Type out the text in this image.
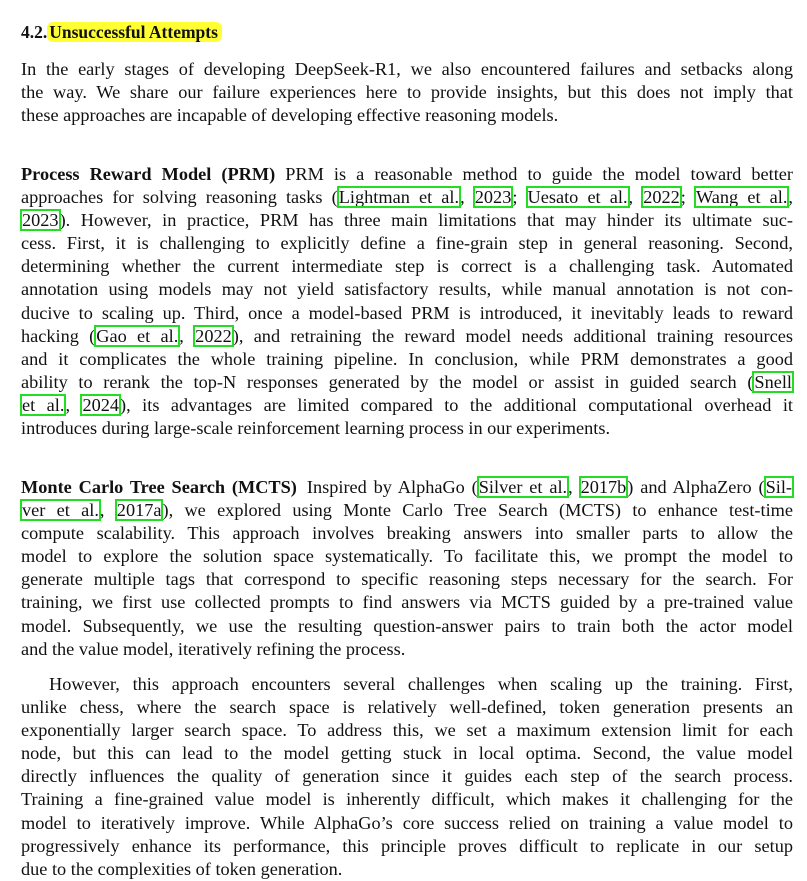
4.2. Unsuccessful Attempts
In the early stages of developing DeepSeek-R1, we also encountered failures and setbacks along
the way. We share our failure experiences here to provide insights, but this does not imply that
these approaches are incapable of developing effective reasoning models.
Process Reward Model (PRM) PRM is a reasonable method to guide the model toward better
approaches for solving reasoning tasks (Lightman et al., 2023; Uesato et al., 2022; Wang et al.,
2023). However, in practice, PRM has three main limitations that may hinder its ultimate suc-
cess. First, it is challenging to explicitly define a fine-grain step in general reasoning. Second,
determining whether the current intermediate step is correct is a challenging task. Automated
annotation using models may not yield satisfactory results, while manual annotation is not con-
ducive to scaling up. Third, once a model-based PRM is introduced, it inevitably leads to reward
hacking (Gao et al., 2022), and retraining the reward model needs additional training resources
and it complicates the whole training pipeline. In conclusion, while PRM demonstrates a good
ability to rerank the top-N responses generated by the model or assist in guided search (Snell
et al., 2024), its advantages are limited compared to the additional computational overhead it
introduces during large-scale reinforcement learning process in our experiments.
Monte Carlo Tree Search (MCTS) Inspired by AlphaGo (Silver et al., 2017b) and AlphaZero (Sil-
ver et al., 2017a), we explored using Monte Carlo Tree Search (MCTS) to enhance test-time
compute scalability. This approach involves breaking answers into smaller parts to allow the
model to explore the solution space systematically. To facilitate this, we prompt the model to
generate multiple tags that correspond to specific reasoning steps necessary for the search. For
training, we first use collected prompts to find answers via MCTS guided by a pre-trained value
model. Subsequently, we use the resulting question-answer pairs to train both the actor model
and the value model, iteratively refining the process.
However, this approach encounters several challenges when scaling up the training. First,
unlike chess, where the search space is relatively well-defined, token generation presents an
exponentially larger search space. To address this, we set a maximum extension limit for each
node, but this can lead to the model getting stuck in local optima. Second, the value model
directly influences the quality of generation since it guides each step of the search process.
Training a fine-grained value model is inherently difficult, which makes it challenging for the
model to iteratively improve. While AlphaGo’s core success relied on training a value model to
progressively enhance its performance, this principle proves difficult to replicate in our setup
due to the complexities of token generation.
